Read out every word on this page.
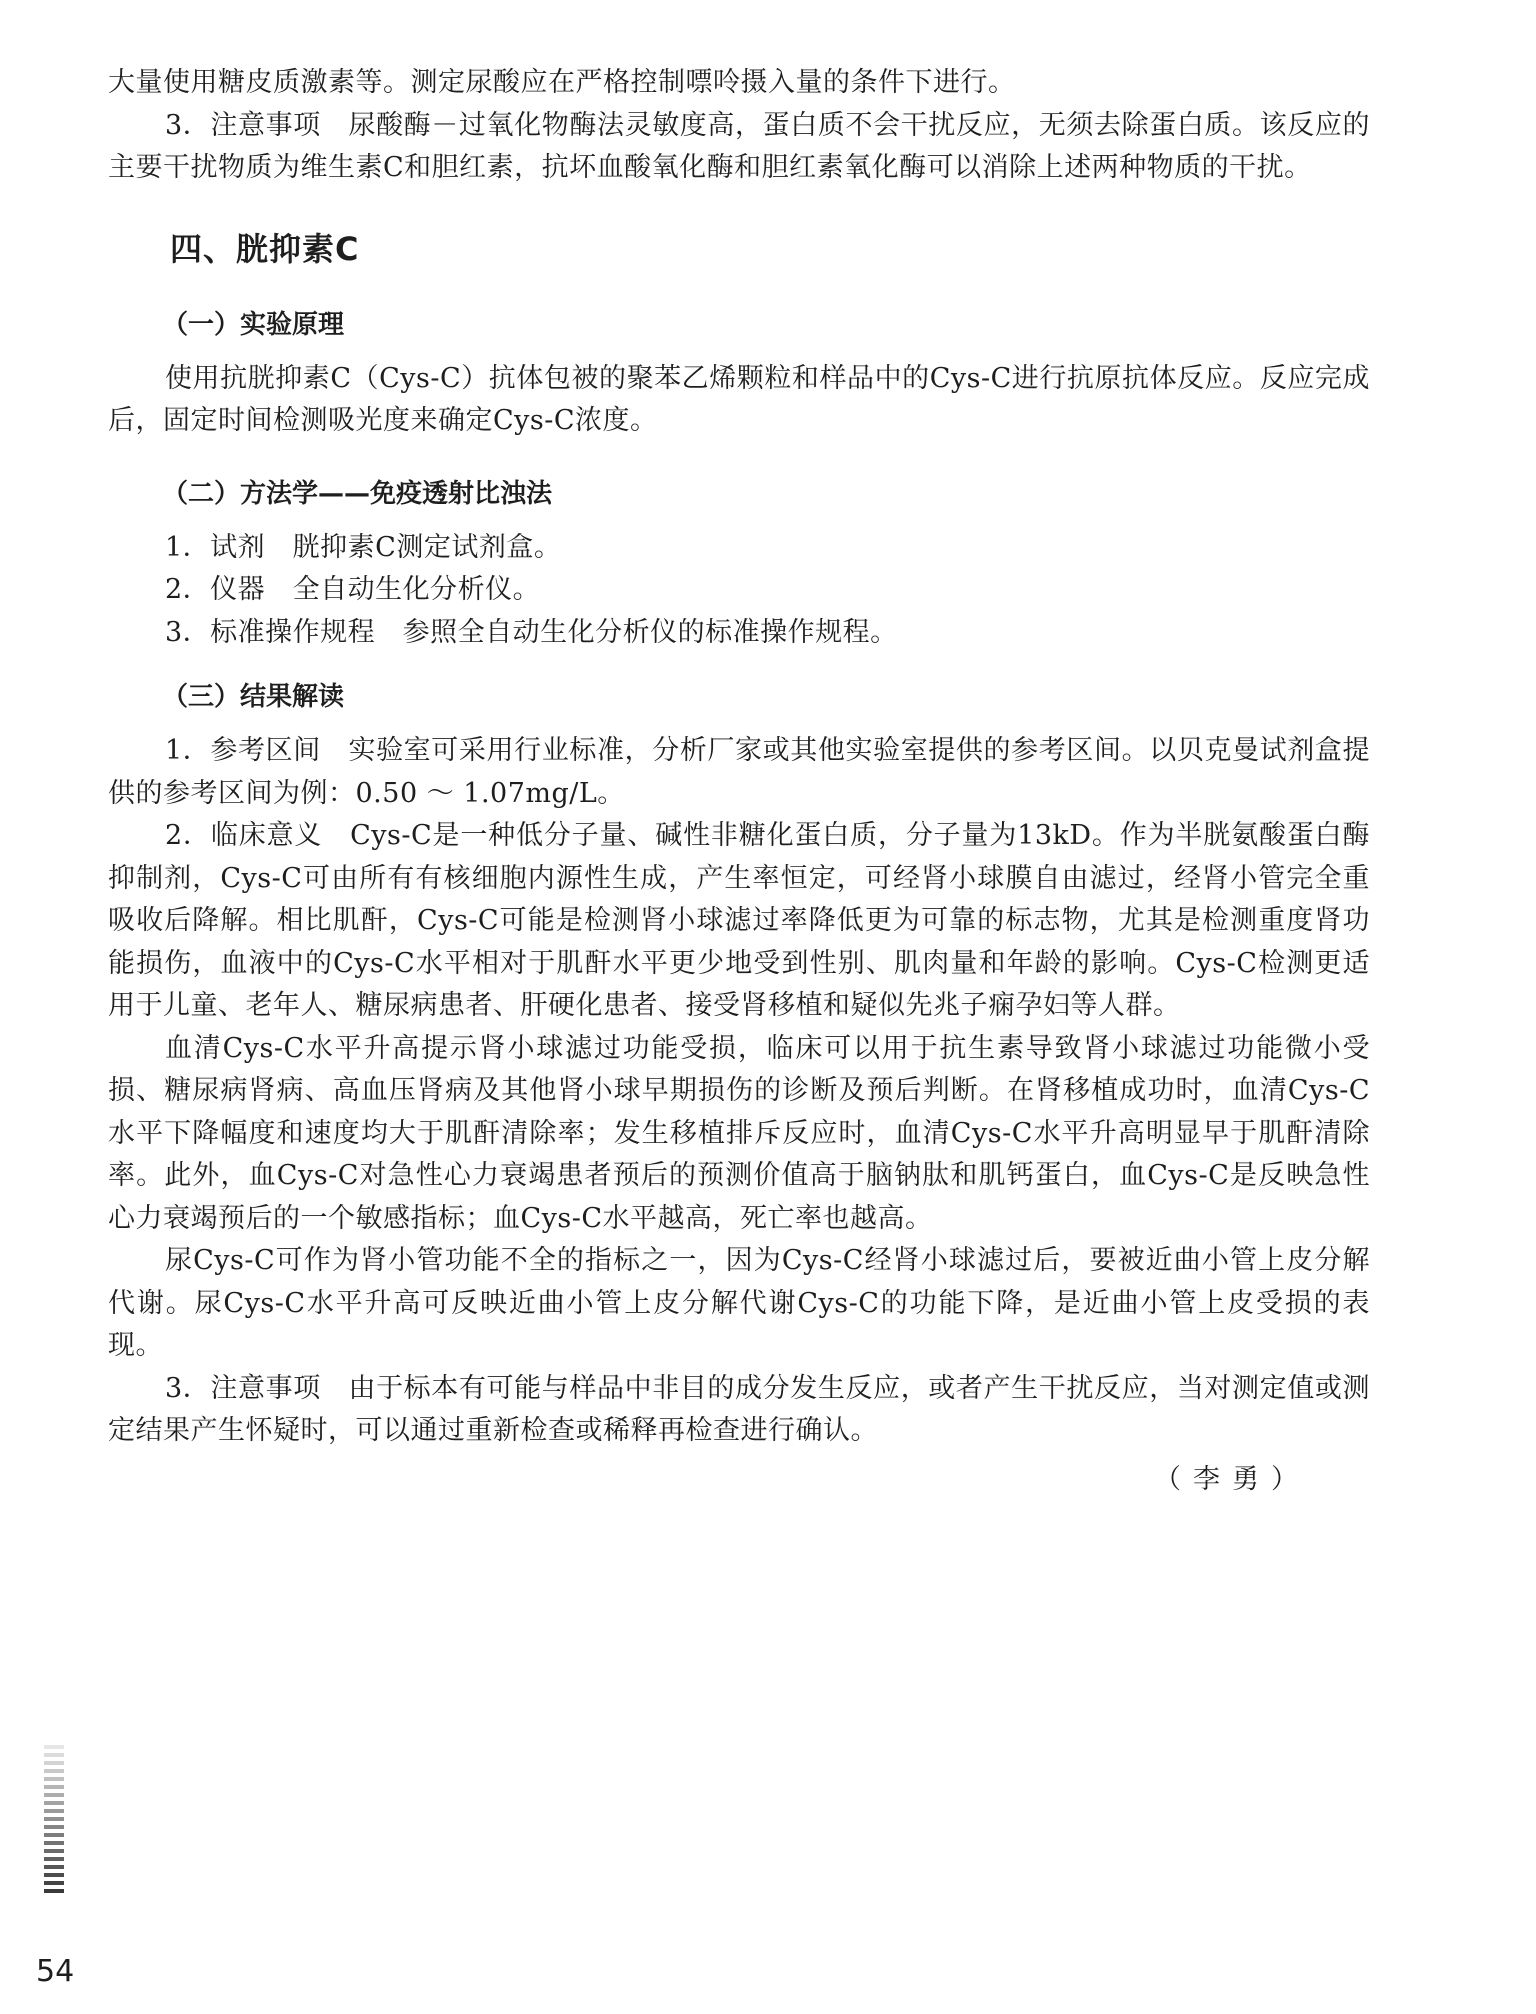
大量使用糖皮质激素等。测定尿酸应在严格控制嘌呤摄入量的条件下进行。

3．注意事项　尿酸酶－过氧化物酶法灵敏度高，蛋白质不会干扰反应，无须去除蛋白质。该反应的主要干扰物质为维生素C和胆红素，抗坏血酸氧化酶和胆红素氧化酶可以消除上述两种物质的干扰。

四、胱抑素C
（一）实验原理

使用抗胱抑素C（Cys-C）抗体包被的聚苯乙烯颗粒和样品中的Cys-C进行抗原抗体反应。反应完成后，固定时间检测吸光度来确定Cys-C浓度。

（二）方法学——免疫透射比浊法

1．试剂　胱抑素C测定试剂盒。

2．仪器　全自动生化分析仪。

3．标准操作规程　参照全自动生化分析仪的标准操作规程。

（三）结果解读

1．参考区间　实验室可采用行业标准，分析厂家或其他实验室提供的参考区间。以贝克曼试剂盒提供的参考区间为例：0.50 ～ 1.07mg/L。

2．临床意义　Cys-C是一种低分子量、碱性非糖化蛋白质，分子量为13kD。作为半胱氨酸蛋白酶抑制剂，Cys-C可由所有有核细胞内源性生成，产生率恒定，可经肾小球膜自由滤过，经肾小管完全重吸收后降解。相比肌酐，Cys-C可能是检测肾小球滤过率降低更为可靠的标志物，尤其是检测重度肾功能损伤，血液中的Cys-C水平相对于肌酐水平更少地受到性别、肌肉量和年龄的影响。Cys-C检测更适用于儿童、老年人、糖尿病患者、肝硬化患者、接受肾移植和疑似先兆子痫孕妇等人群。

血清Cys-C水平升高提示肾小球滤过功能受损，临床可以用于抗生素导致肾小球滤过功能微小受损、糖尿病肾病、高血压肾病及其他肾小球早期损伤的诊断及预后判断。在肾移植成功时，血清Cys-C水平下降幅度和速度均大于肌酐清除率；发生移植排斥反应时，血清Cys-C水平升高明显早于肌酐清除率。此外，血Cys-C对急性心力衰竭患者预后的预测价值高于脑钠肽和肌钙蛋白，血Cys-C是反映急性心力衰竭预后的一个敏感指标；血Cys-C水平越高，死亡率也越高。

尿Cys-C可作为肾小管功能不全的指标之一，因为Cys-C经肾小球滤过后，要被近曲小管上皮分解代谢。尿Cys-C水平升高可反映近曲小管上皮分解代谢Cys-C的功能下降，是近曲小管上皮受损的表现。

3．注意事项　由于标本有可能与样品中非目的成分发生反应，或者产生干扰反应，当对测定值或测定结果产生怀疑时，可以通过重新检查或稀释再检查进行确认。

（李勇）

54
